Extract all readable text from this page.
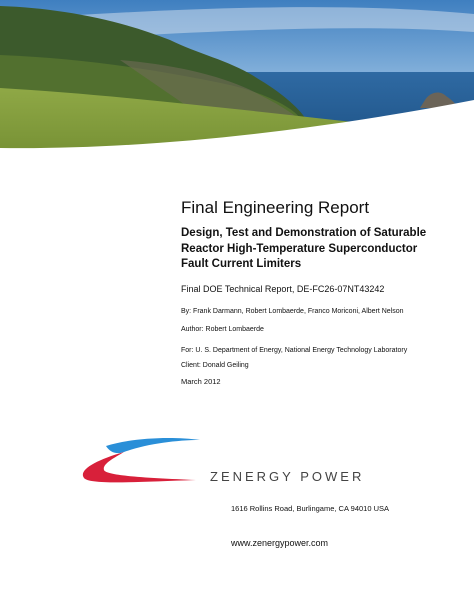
Final Engineering Report
Design, Test and Demonstration of Saturable
Reactor High-Temperature Superconductor
Fault Current Limiters
Final DOE Technical Report, DE-FC26-07NT43242
By: Frank Darmann, Robert Lombaerde, Franco Moriconi, Albert Nelson
Author: Robert Lombaerde
For: U. S. Department of Energy, National Energy Technology Laboratory
Client: Donald Geiling
March 2012
ZENERGY POWER
1616 Rollins Road, Burlingame, CA 94010 USA
www.zenergypower.com
